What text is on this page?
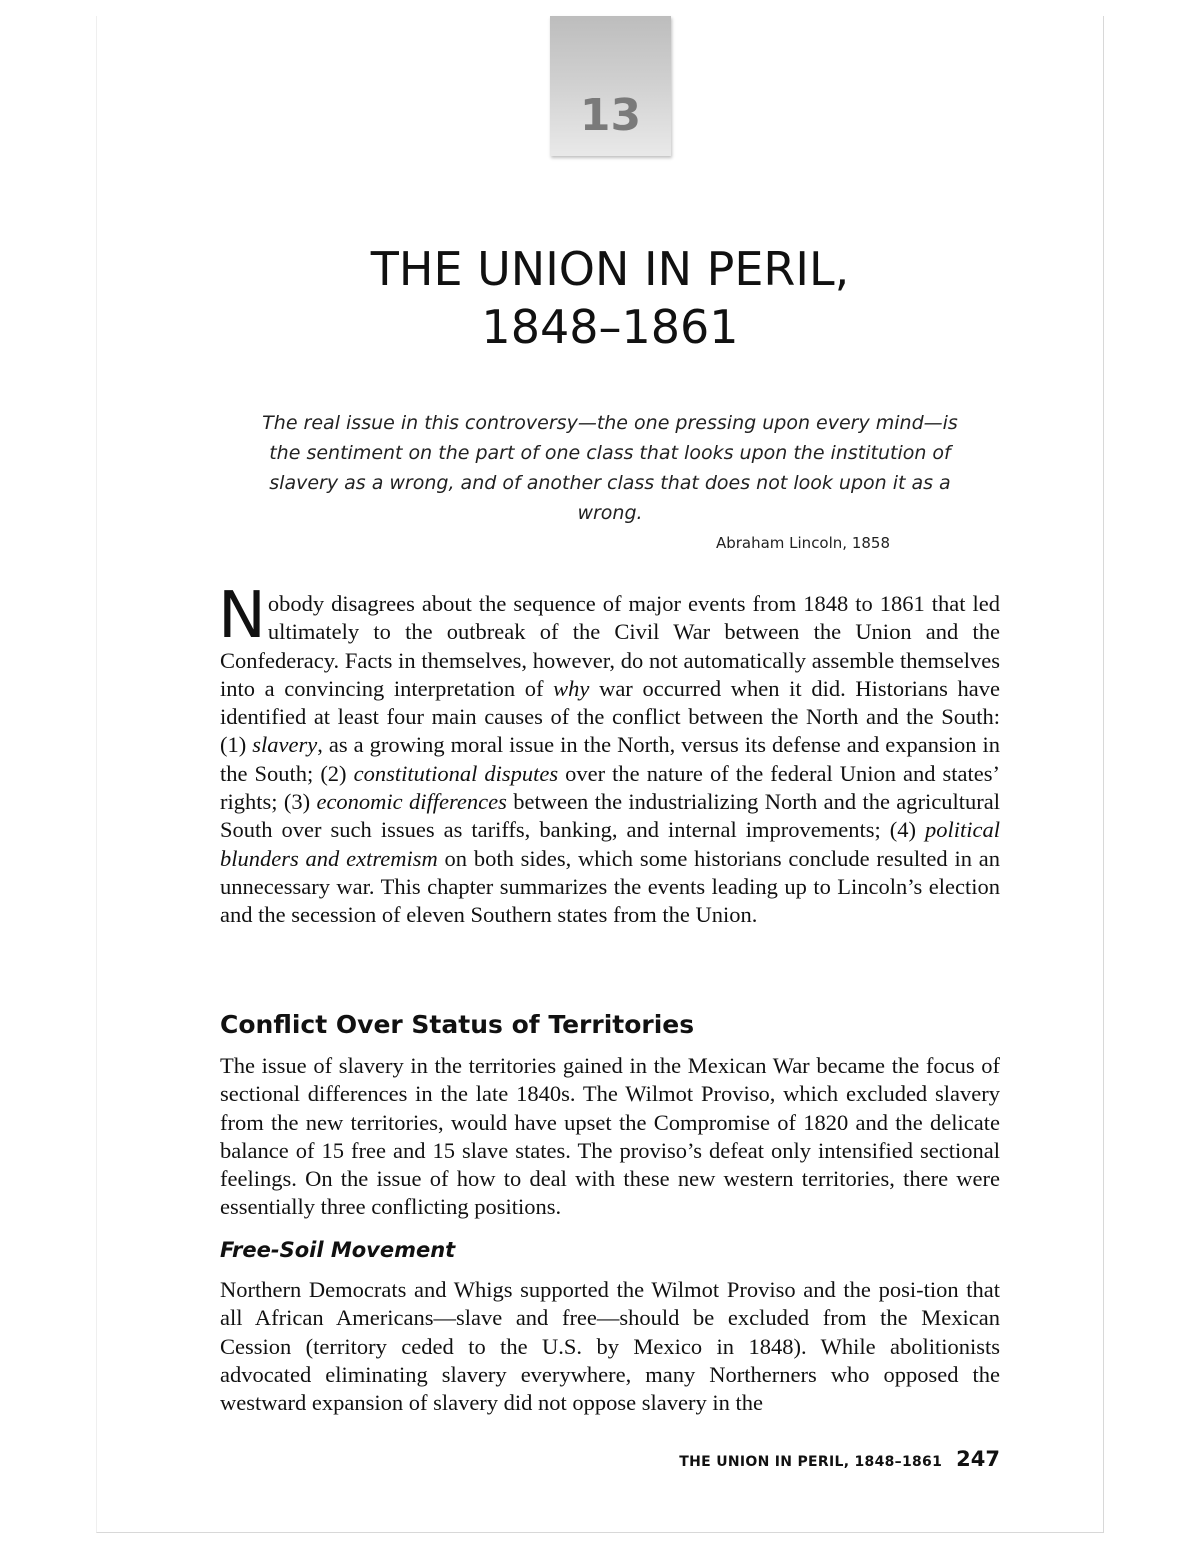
13
THE UNION IN PERIL,
1848–1861
The real issue in this controversy—the one pressing upon every mind—is the sentiment on the part of one class that looks upon the institution of slavery as a wrong, and of another class that does not look upon it as a wrong.
Abraham Lincoln, 1858

Nobody disagrees about the sequence of major events from 1848 to 1861 that led ultimately to the outbreak of the Civil War between the Union and the Confederacy. Facts in themselves, however, do not automatically assemble themselves into a convincing interpretation of why war occurred when it did. Historians have identified at least four main causes of the conflict between the North and the South: (1) slavery, as a growing moral issue in the North, versus its defense and expansion in the South; (2) constitutional disputes over the nature of the federal Union and states’ rights; (3) economic differences between the industrializing North and the agricultural South over such issues as tariffs, banking, and internal improvements; (4) political blunders and extremism on both sides, which some historians conclude resulted in an unnecessary war. This chapter summarizes the events leading up to Lincoln’s election and the secession of eleven Southern states from the Union.

Conflict Over Status of Territories

The issue of slavery in the territories gained in the Mexican War became the focus of sectional differences in the late 1840s. The Wilmot Proviso, which excluded slavery from the new territories, would have upset the Compromise of 1820 and the delicate balance of 15 free and 15 slave states. The proviso’s defeat only intensified sectional feelings. On the issue of how to deal with these new western territories, there were essentially three conflicting positions.

Free-Soil Movement

Northern Democrats and Whigs supported the Wilmot Proviso and the posi-tion that all African Americans—slave and free—should be excluded from the Mexican Cession (territory ceded to the U.S. by Mexico in 1848). While abolitionists advocated eliminating slavery everywhere, many Northerners who opposed the westward expansion of slavery did not oppose slavery in the

THE UNION IN PERIL, 1848–1861 247
